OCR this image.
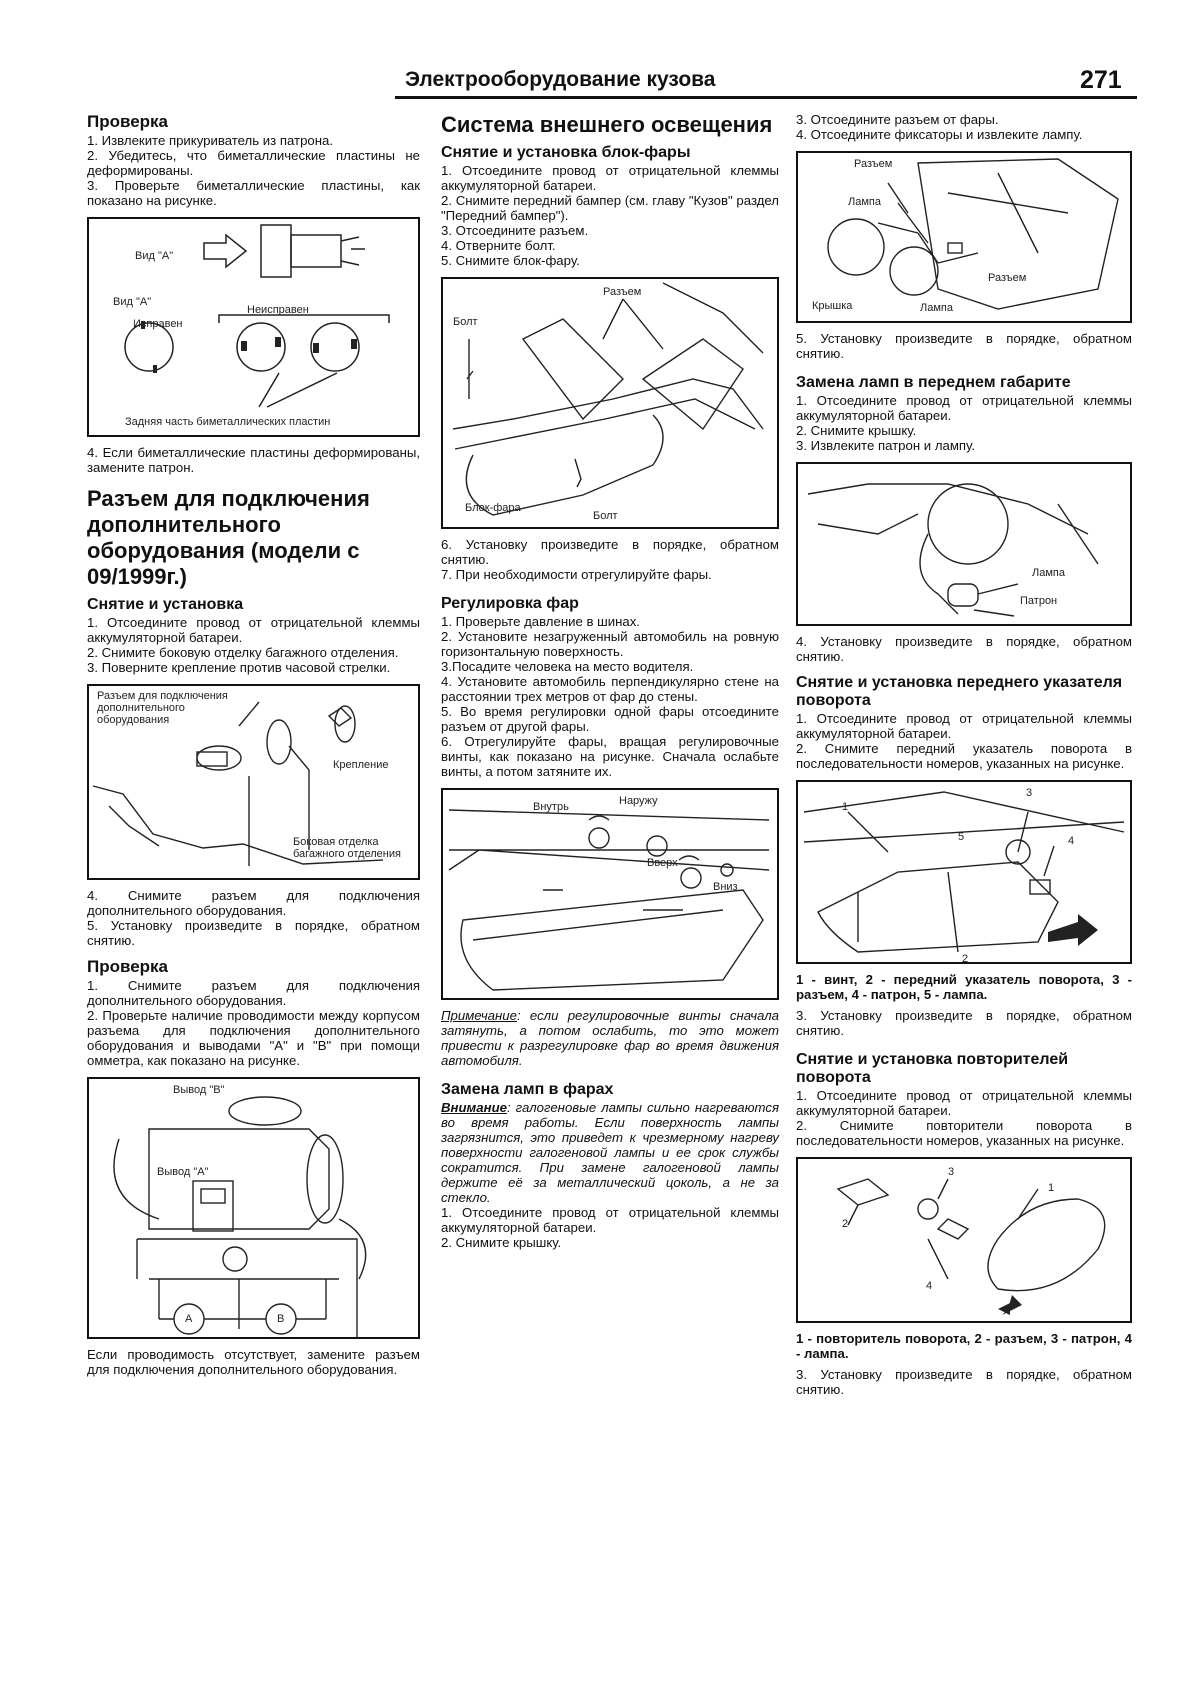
Электрооборудование кузова	271
Проверка

1. Извлеките прикуриватель из патрона.

2. Убедитесь, что биметаллические пластины не деформированы.

3. Проверьте биметаллические пластины, как показано на рисунке.

Вид "А"
Вид "А"
Исправен
Неисправен
Задняя часть биметаллических пластин

4. Если биметаллические пластины деформированы, замените патрон.

Разъем для подключения дополнительного оборудования (модели с 09/1999г.)
Снятие и установка

1. Отсоедините провод от отрицательной клеммы аккумуляторной батареи.

2. Снимите боковую отделку багажного отделения.

3. Поверните крепление против часовой стрелки.

Разъем для подключения дополнительного оборудования
Крепление
Боковая отделка багажного отделения

4. Снимите разъем для подключения дополнительного оборудования.

5. Установку произведите в порядке, обратном снятию.

Проверка

1. Снимите разъем для подключения дополнительного оборудования.

2. Проверьте наличие проводимости между корпусом разъема для подключения дополнительного оборудования и выводами "А" и "В" при помощи омметра, как показано на рисунке.

Вывод "В"
Вывод "А"
A	B

Если проводимость отсутствует, замените разъем для подключения дополнительного оборудования.

Система внешнего освещения
Снятие и установка блок-фары

1. Отсоедините провод от отрицательной клеммы аккумуляторной батареи.

2. Снимите передний бампер (см. главу "Кузов" раздел "Передний бампер").

3. Отсоедините разъем.

4. Отверните болт.

5. Снимите блок-фару.

Разъем
Болт
Блок-фара
Болт

6. Установку произведите в порядке, обратном снятию.

7. При необходимости отрегулируйте фары.

Регулировка фар

1. Проверьте давление в шинах.

2. Установите незагруженный автомобиль на ровную горизонтальную поверхность.

3.Посадите человека на место водителя.

4. Установите автомобиль перпендикулярно стене на расстоянии трех метров от фар до стены.

5. Во время регулировки одной фары отсоедините разъем от другой фары.

6. Отрегулируйте фары, вращая регулировочные винты, как показано на рисунке. Сначала ослабьте винты, а потом затяните их.

Внутрь	Наружу
Вверх
Вниз

Примечание: если регулировочные винты сначала затянуть, а потом ослабить, то это может привести к разрегулировке фар во время движения автомобиля.

Замена ламп в фарах

Внимание: галогеновые лампы сильно нагреваются во время работы. Если поверхность лампы загрязнится, это приведет к чрезмерному нагреву поверхности галогеновой лампы и ее срок службы сократится. При замене галогеновой лампы держите её за металлический цоколь, а не за стекло.

1. Отсоедините провод от отрицательной клеммы аккумуляторной батареи.

2. Снимите крышку.

3. Отсоедините разъем от фары.

4. Отсоедините фиксаторы и извлеките лампу.

Разъем
Лампа
Разъем
Крышка	Лампа

5. Установку произведите в порядке, обратном снятию.

Замена ламп в переднем габарите

1. Отсоедините провод от отрицательной клеммы аккумуляторной батареи.

2. Снимите крышку.

3. Извлеките патрон и лампу.

Лампа
Патрон

4. Установку произведите в порядке, обратном снятию.

Снятие и установка переднего указателя поворота

1. Отсоедините провод от отрицательной клеммы аккумуляторной батареи.

2. Снимите передний указатель поворота в последовательности номеров, указанных на рисунке.

1
2
3
4
5

1 - винт, 2 - передний указатель поворота, 3 - разъем, 4 - патрон, 5 - лампа.

3. Установку произведите в порядке, обратном снятию.

Снятие и установка повторителей поворота

1. Отсоедините провод от отрицательной клеммы аккумуляторной батареи.

2. Снимите повторители поворота в последовательности номеров, указанных на рисунке.

1
2
3
4

1 - повторитель поворота, 2 - разъем, 3 - патрон, 4 - лампа.

3. Установку произведите в порядке, обратном снятию.
